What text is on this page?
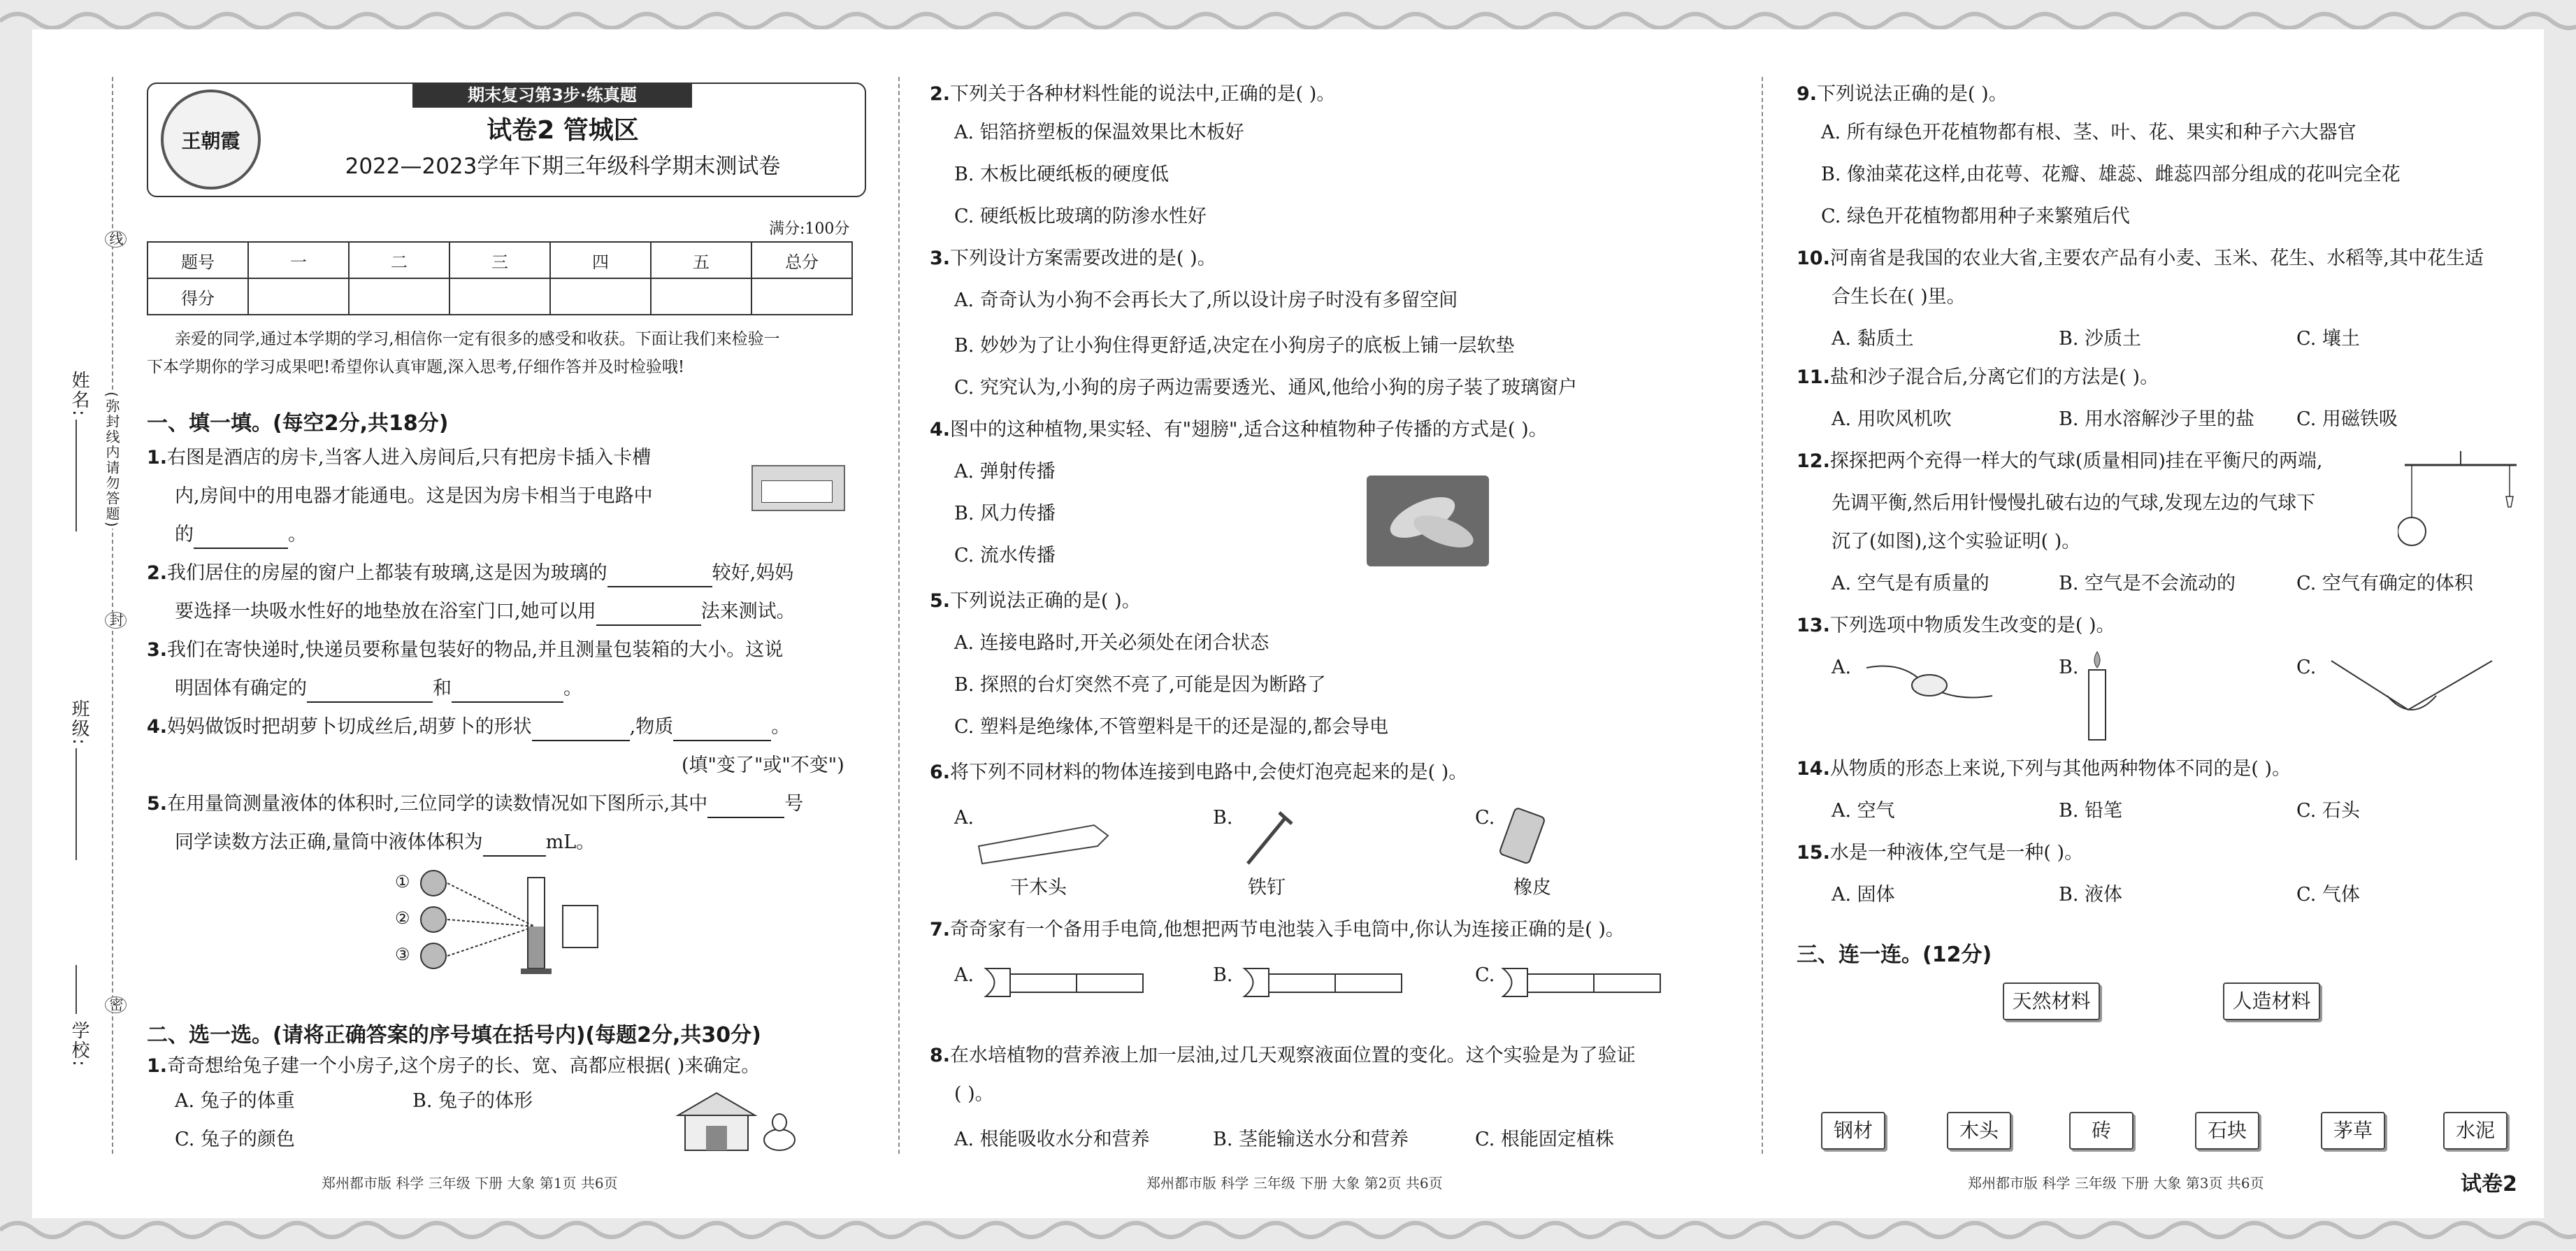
姓名:
班级:
学校:
(弥封线内请勿答题)
线
封
密
期末复习第3步·练真题
王朝霞	试卷2 管城区
2022—2023学年下期三年级科学期末测试卷
满分:100分
题号	一	二	三	四	五	总分
得分						
亲爱的同学,通过本学期的学习,相信你一定有很多的感受和收获。下面让我们来检验一
下本学期你的学习成果吧!希望你认真审题,深入思考,仔细作答并及时检验哦!
一、填一填。(每空2分,共18分)
1.右图是酒店的房卡,当客人进入房间后,只有把房卡插入卡槽
内,房间中的用电器才能通电。这是因为房卡相当于电路中
的	。
2.我们居住的房屋的窗户上都装有玻璃,这是因为玻璃的	较好,妈妈
要选择一块吸水性好的地垫放在浴室门口,她可以用	法来测试。
3.我们在寄快递时,快递员要称量包装好的物品,并且测量包装箱的大小。这说
明固体有确定的	和	。
4.妈妈做饭时把胡萝卜切成丝后,胡萝卜的形状	,物质	。
(填"变了"或"不变")
5.在用量筒测量液体的体积时,三位同学的读数情况如下图所示,其中	号
同学读数方法正确,量筒中液体体积为	mL。
①
②
③
二、选一选。(请将正确答案的序号填在括号内)(每题2分,共30分)
1.奇奇想给兔子建一个小房子,这个房子的长、宽、高都应根据( )来确定。
A. 兔子的体重	B. 兔子的体形
C. 兔子的颜色
郑州都市版 科学 三年级 下册 大象 第1页 共6页
2.下列关于各种材料性能的说法中,正确的是( )。
A. 铝箔挤塑板的保温效果比木板好
B. 木板比硬纸板的硬度低
C. 硬纸板比玻璃的防渗水性好
3.下列设计方案需要改进的是( )。
A. 奇奇认为小狗不会再长大了,所以设计房子时没有多留空间
B. 妙妙为了让小狗住得更舒适,决定在小狗房子的底板上铺一层软垫
C. 究究认为,小狗的房子两边需要透光、通风,他给小狗的房子装了玻璃窗户
4.图中的这种植物,果实轻、有"翅膀",适合这种植物种子传播的方式是( )。
A. 弹射传播
B. 风力传播
C. 流水传播
5.下列说法正确的是( )。
A. 连接电路时,开关必须处在闭合状态
B. 探照的台灯突然不亮了,可能是因为断路了
C. 塑料是绝缘体,不管塑料是干的还是湿的,都会导电
6.将下列不同材料的物体连接到电路中,会使灯泡亮起来的是( )。
A.	B.	C.
干木头	铁钉	橡皮
7.奇奇家有一个备用手电筒,他想把两节电池装入手电筒中,你认为连接正确的是( )。
A.	B.	C.
8.在水培植物的营养液上加一层油,过几天观察液面位置的变化。这个实验是为了验证
( )。
A. 根能吸收水分和营养	B. 茎能输送水分和营养	C. 根能固定植株
郑州都市版 科学 三年级 下册 大象 第2页 共6页
9.下列说法正确的是( )。
A. 所有绿色开花植物都有根、茎、叶、花、果实和种子六大器官
B. 像油菜花这样,由花萼、花瓣、雄蕊、雌蕊四部分组成的花叫完全花
C. 绿色开花植物都用种子来繁殖后代
10.河南省是我国的农业大省,主要农产品有小麦、玉米、花生、水稻等,其中花生适
合生长在( )里。
A. 黏质土	B. 沙质土	C. 壤土
11.盐和沙子混合后,分离它们的方法是( )。
A. 用吹风机吹	B. 用水溶解沙子里的盐 C. 用磁铁吸
12.探探把两个充得一样大的气球(质量相同)挂在平衡尺的两端,
先调平衡,然后用针慢慢扎破右边的气球,发现左边的气球下
沉了(如图),这个实验证明( )。
A. 空气是有质量的	B. 空气是不会流动的	C. 空气有确定的体积
13.下列选项中物质发生改变的是( )。
A.	B.	C.
14.从物质的形态上来说,下列与其他两种物体不同的是( )。
A. 空气	B. 铅笔	C. 石头
15.水是一种液体,空气是一种( )。
A. 固体	B. 液体	C. 气体
三、连一连。(12分)
天然材料	人造材料
钢材	木头	砖	石块	茅草	水泥
郑州都市版 科学 三年级 下册 大象 第3页 共6页	试卷2
